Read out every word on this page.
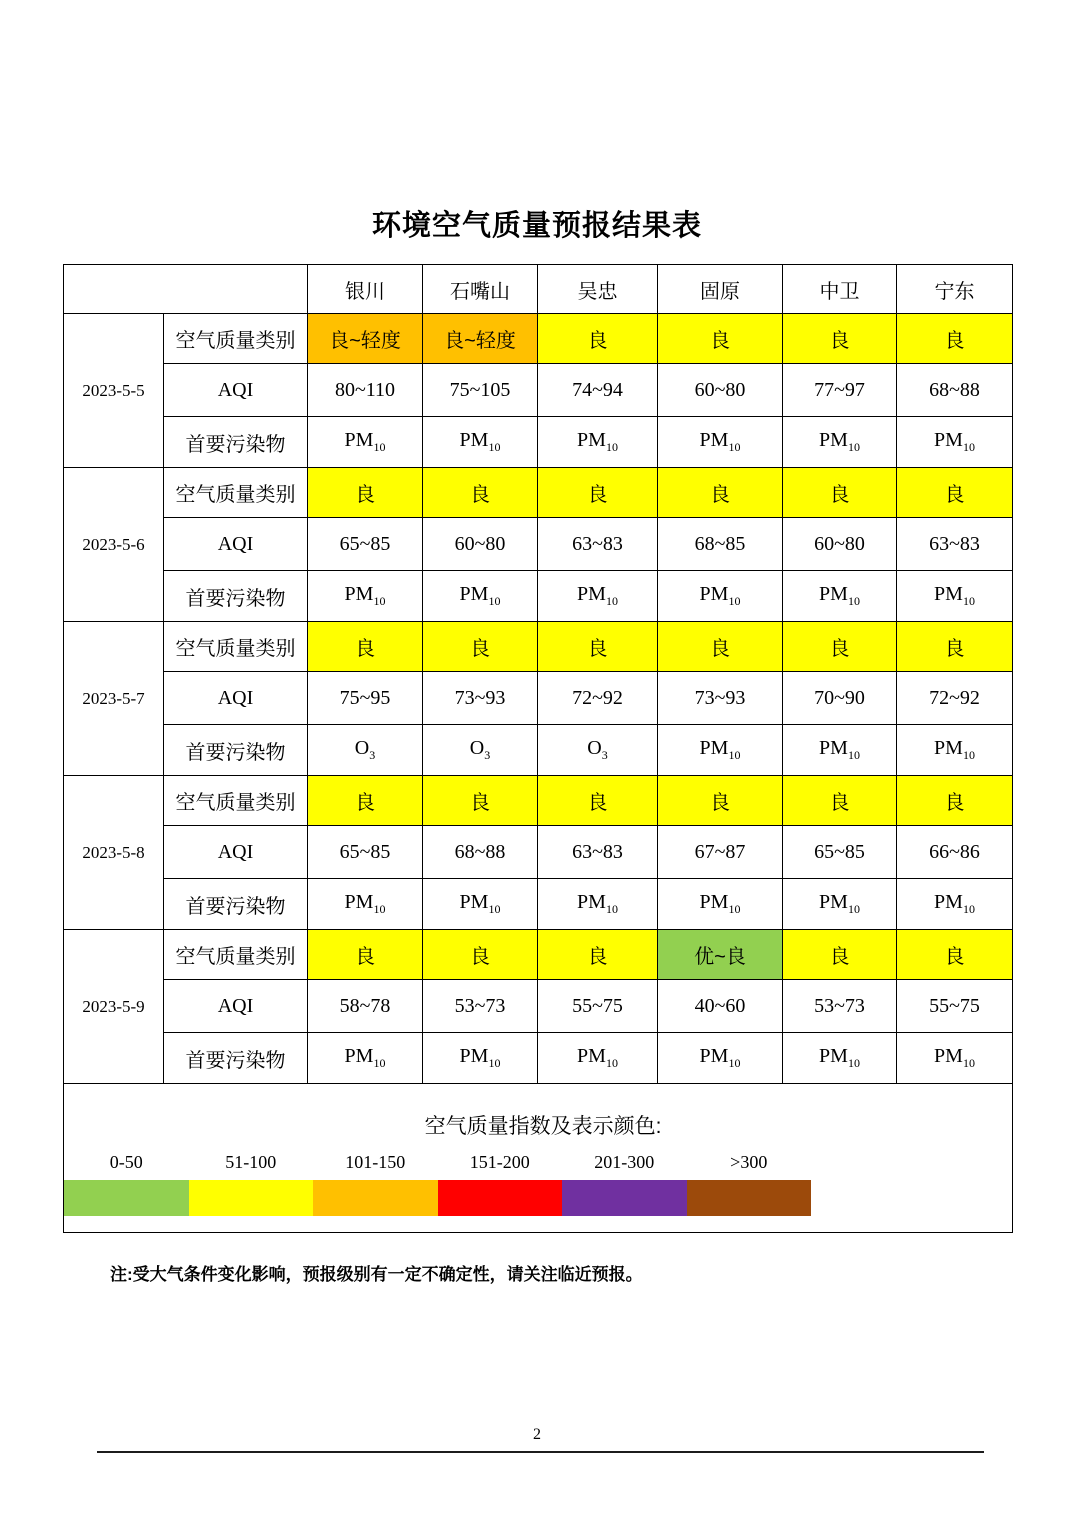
环境空气质量预报结果表
		银川	石嘴山	吴忠	固原	中卫	宁东
2023-5-5	空气质量类别	良~轻度	良~轻度	良	良	良	良
	AQI	80~110	75~105	74~94	60~80	77~97	68~88
	首要污染物	$PM_{10}$	$PM_{10}$	$PM_{10}$	$PM_{10}$	$PM_{10}$	$PM_{10}$
2023-5-6	空气质量类别	良	良	良	良	良	良
	AQI	65~85	60~80	63~83	68~85	60~80	63~83
	首要污染物	$PM_{10}$	$PM_{10}$	$PM_{10}$	$PM_{10}$	$PM_{10}$	$PM_{10}$
2023-5-7	空气质量类别	良	良	良	良	良	良
	AQI	75~95	73~93	72~92	73~93	70~90	72~92
	首要污染物	$O_3$	$O_3$	$O_3$	$PM_{10}$	$PM_{10}$	$PM_{10}$
2023-5-8	空气质量类别	良	良	良	良	良	良
	AQI	65~85	68~88	63~83	67~87	65~85	66~86
	首要污染物	$PM_{10}$	$PM_{10}$	$PM_{10}$	$PM_{10}$	$PM_{10}$	$PM_{10}$
2023-5-9	空气质量类别	良	良	良	优~良	良	良
	AQI	58~78	53~73	55~75	40~60	53~73	55~75
	首要污染物	$PM_{10}$	$PM_{10}$	$PM_{10}$	$PM_{10}$	$PM_{10}$	$PM_{10}$

空气质量指数及表示颜色:
0-50	51-100	101-150	151-200	201-300	>300
注:受大气条件变化影响，预报级别有一定不确定性，请关注临近预报。
2
